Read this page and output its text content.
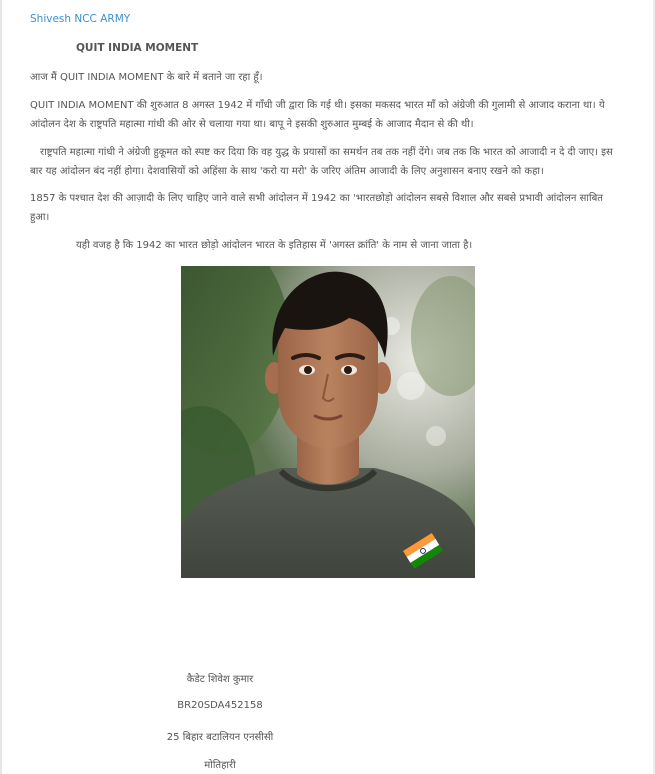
Shivesh NCC ARMY
QUIT INDIA MOMENT

आज मैं QUIT INDIA MOMENT के बारे में बताने जा रहा हूँ।

QUIT INDIA MOMENT की शुरुआत 8 अगस्त 1942 में गाँधी जी द्वारा कि गई थी। इसका मकसद भारत माँ को अंग्रेजी की गुलामी से आजाद कराना था। ये आंदोलन देश के राष्ट्रपति महात्मा गांधी की ओर से चलाया गया था। बापू ने इसकी शुरुआत मुम्बई के आजाद मैदान से की थी।

राष्ट्रपति महात्मा गांधी ने अंग्रेजी हुकूमत को स्पष्ट कर दिया कि वह युद्ध के प्रयासों का समर्थन तब तक नहीं देंगे। जब तक कि भारत को आजादी न दे दी जाए। इस बार यह आंदोलन बंद नहीं होगा। देशवासियों को अहिंसा के साथ 'करो या मरो' के जरिए अंतिम आजादी के लिए अनुशासन बनाए रखने को कहा।

1857 के पश्चात देश की आज़ादी के लिए चाहिए जाने वाले सभी आंदोलन में 1942 का 'भारतछोड़ो आंदोलन सबसे विशाल और सबसे प्रभावी आंदोलन साबित हुआ।

यही वजह है कि 1942 का भारत छोड़ो आंदोलन भारत के इतिहास में 'अगस्त क्रांति' के नाम से जाना जाता है।

कैडेट शिवेश कुमार

BR20SDA452158

25 बिहार बटालियन एनसीसी

मोतिहारी
